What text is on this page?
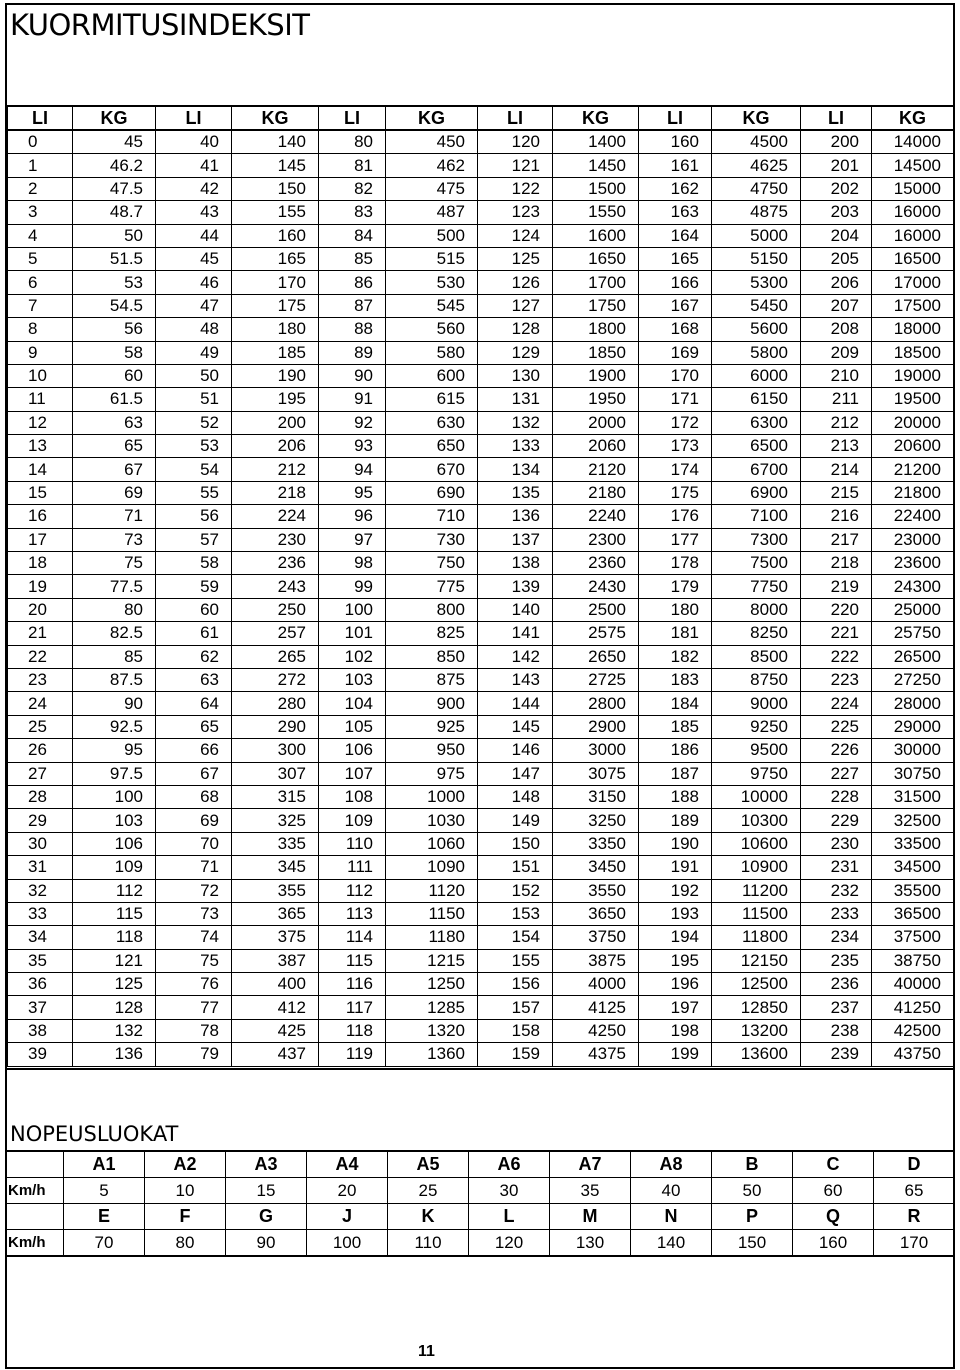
KUORMITUSINDEKSIT
LI	KG	LI	KG	LI	KG	LI	KG	LI	KG	LI	KG
0	45	40	140	80	450	120	1400	160	4500	200	14000
1	46.2	41	145	81	462	121	1450	161	4625	201	14500
2	47.5	42	150	82	475	122	1500	162	4750	202	15000
3	48.7	43	155	83	487	123	1550	163	4875	203	16000
4	50	44	160	84	500	124	1600	164	5000	204	16000
5	51.5	45	165	85	515	125	1650	165	5150	205	16500
6	53	46	170	86	530	126	1700	166	5300	206	17000
7	54.5	47	175	87	545	127	1750	167	5450	207	17500
8	56	48	180	88	560	128	1800	168	5600	208	18000
9	58	49	185	89	580	129	1850	169	5800	209	18500
10	60	50	190	90	600	130	1900	170	6000	210	19000
11	61.5	51	195	91	615	131	1950	171	6150	211	19500
12	63	52	200	92	630	132	2000	172	6300	212	20000
13	65	53	206	93	650	133	2060	173	6500	213	20600
14	67	54	212	94	670	134	2120	174	6700	214	21200
15	69	55	218	95	690	135	2180	175	6900	215	21800
16	71	56	224	96	710	136	2240	176	7100	216	22400
17	73	57	230	97	730	137	2300	177	7300	217	23000
18	75	58	236	98	750	138	2360	178	7500	218	23600
19	77.5	59	243	99	775	139	2430	179	7750	219	24300
20	80	60	250	100	800	140	2500	180	8000	220	25000
21	82.5	61	257	101	825	141	2575	181	8250	221	25750
22	85	62	265	102	850	142	2650	182	8500	222	26500
23	87.5	63	272	103	875	143	2725	183	8750	223	27250
24	90	64	280	104	900	144	2800	184	9000	224	28000
25	92.5	65	290	105	925	145	2900	185	9250	225	29000
26	95	66	300	106	950	146	3000	186	9500	226	30000
27	97.5	67	307	107	975	147	3075	187	9750	227	30750
28	100	68	315	108	1000	148	3150	188	10000	228	31500
29	103	69	325	109	1030	149	3250	189	10300	229	32500
30	106	70	335	110	1060	150	3350	190	10600	230	33500
31	109	71	345	111	1090	151	3450	191	10900	231	34500
32	112	72	355	112	1120	152	3550	192	11200	232	35500
33	115	73	365	113	1150	153	3650	193	11500	233	36500
34	118	74	375	114	1180	154	3750	194	11800	234	37500
35	121	75	387	115	1215	155	3875	195	12150	235	38750
36	125	76	400	116	1250	156	4000	196	12500	236	40000
37	128	77	412	117	1285	157	4125	197	12850	237	41250
38	132	78	425	118	1320	158	4250	198	13200	238	42500
39	136	79	437	119	1360	159	4375	199	13600	239	43750
NOPEUSLUOKAT
	A1	A2	A3	A4	A5	A6	A7	A8	B	C	D
Km/h	5	10	15	20	25	30	35	40	50	60	65
	E	F	G	J	K	L	M	N	P	Q	R
Km/h	70	80	90	100	110	120	130	140	150	160	170
11
